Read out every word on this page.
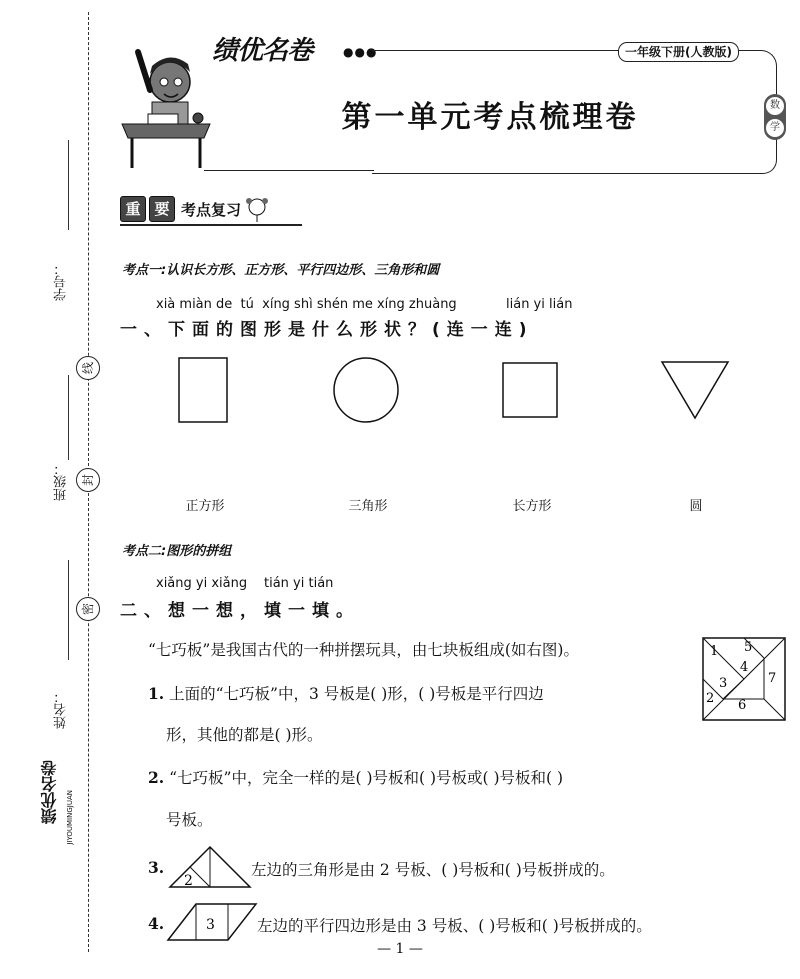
学号：
线
班级：	封
密
姓名：
绩优名卷	JIYOUMINGJUAN
绩优名卷	●●●	一年级下册(人教版)
第一单元考点梳理卷	数
学
重 要 考点复习
考点一:认识长方形、正方形、平行四边形、三角形和圆
xià miàn de  tú  xíng shì shén me xíng zhuàng	lián yi lián
一、下面的图形是什么形状？(连一连)
正方形	三角形	长方形	圆
考点二:图形的拼组
xiǎng yi xiǎng tián yi tián
二、想一想，填一填。
“七巧板”是我国古代的一种拼摆玩具，由七块板组成(如右图)。	1 5
4
3	7
2 6
1. 上面的“七巧板”中，3 号板是( )形，( )号板是平行四边
形，其他的都是( )形。
2. “七巧板”中，完全一样的是( )号板和( )号板或( )号板和( )
号板。
3.
2
左边的三角形是由 2 号板、( )号板和( )号板拼成的。
4.	3	左边的平行四边形是由 3 号板、( )号板和( )号板拼成的。
— 1 —
